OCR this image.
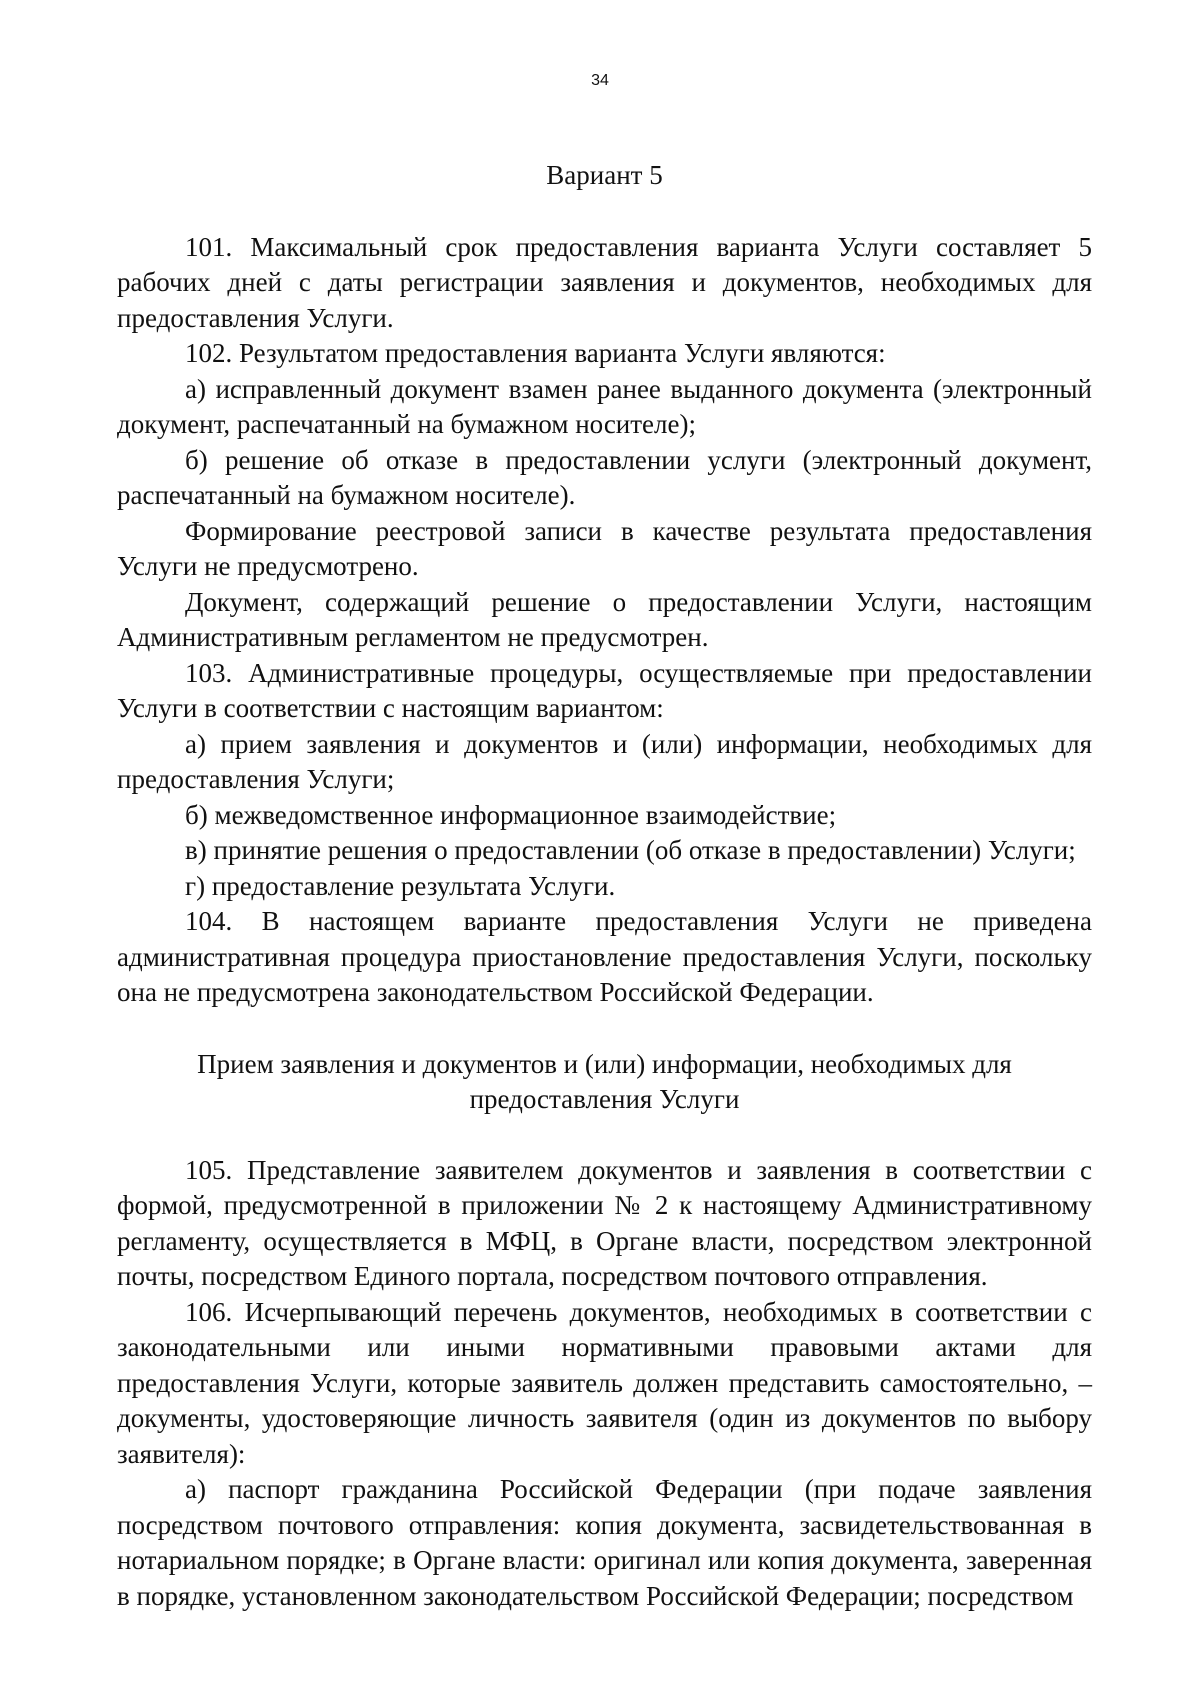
34
Вариант 5

101. Максимальный срок предоставления варианта Услуги составляет 5 рабочих дней с даты регистрации заявления и документов, необходимых для предоставления Услуги.

102. Результатом предоставления варианта Услуги являются:

а) исправленный документ взамен ранее выданного документа (электронный документ, распечатанный на бумажном носителе);

б) решение об отказе в предоставлении услуги (электронный документ, распечатанный на бумажном носителе).

Формирование реестровой записи в качестве результата предоставления Услуги не предусмотрено.

Документ, содержащий решение о предоставлении Услуги, настоящим Административным регламентом не предусмотрен.

103. Административные процедуры, осуществляемые при предоставлении Услуги в соответствии с настоящим вариантом:

а) прием заявления и документов и (или) информации, необходимых для предоставления Услуги;

б) межведомственное информационное взаимодействие;

в) принятие решения о предоставлении (об отказе в предоставлении) Услуги;

г) предоставление результата Услуги.

104. В настоящем варианте предоставления Услуги не приведена административная процедура приостановление предоставления Услуги, поскольку она не предусмотрена законодательством Российской Федерации.

Прием заявления и документов и (или) информации, необходимых для предоставления Услуги

105. Представление заявителем документов и заявления в соответствии с формой, предусмотренной в приложении № 2 к настоящему Административному регламенту, осуществляется в МФЦ, в Органе власти, посредством электронной почты, посредством Единого портала, посредством почтового отправления.

106. Исчерпывающий перечень документов, необходимых в соответствии с законодательными или иными нормативными правовыми актами для предоставления Услуги, которые заявитель должен представить самостоятельно, – документы, удостоверяющие личность заявителя (один из документов по выбору заявителя):

а) паспорт гражданина Российской Федерации (при подаче заявления посредством почтового отправления: копия документа, засвидетельствованная в нотариальном порядке; в Органе власти: оригинал или копия документа, заверенная в порядке, установленном законодательством Российской Федерации; посредством
